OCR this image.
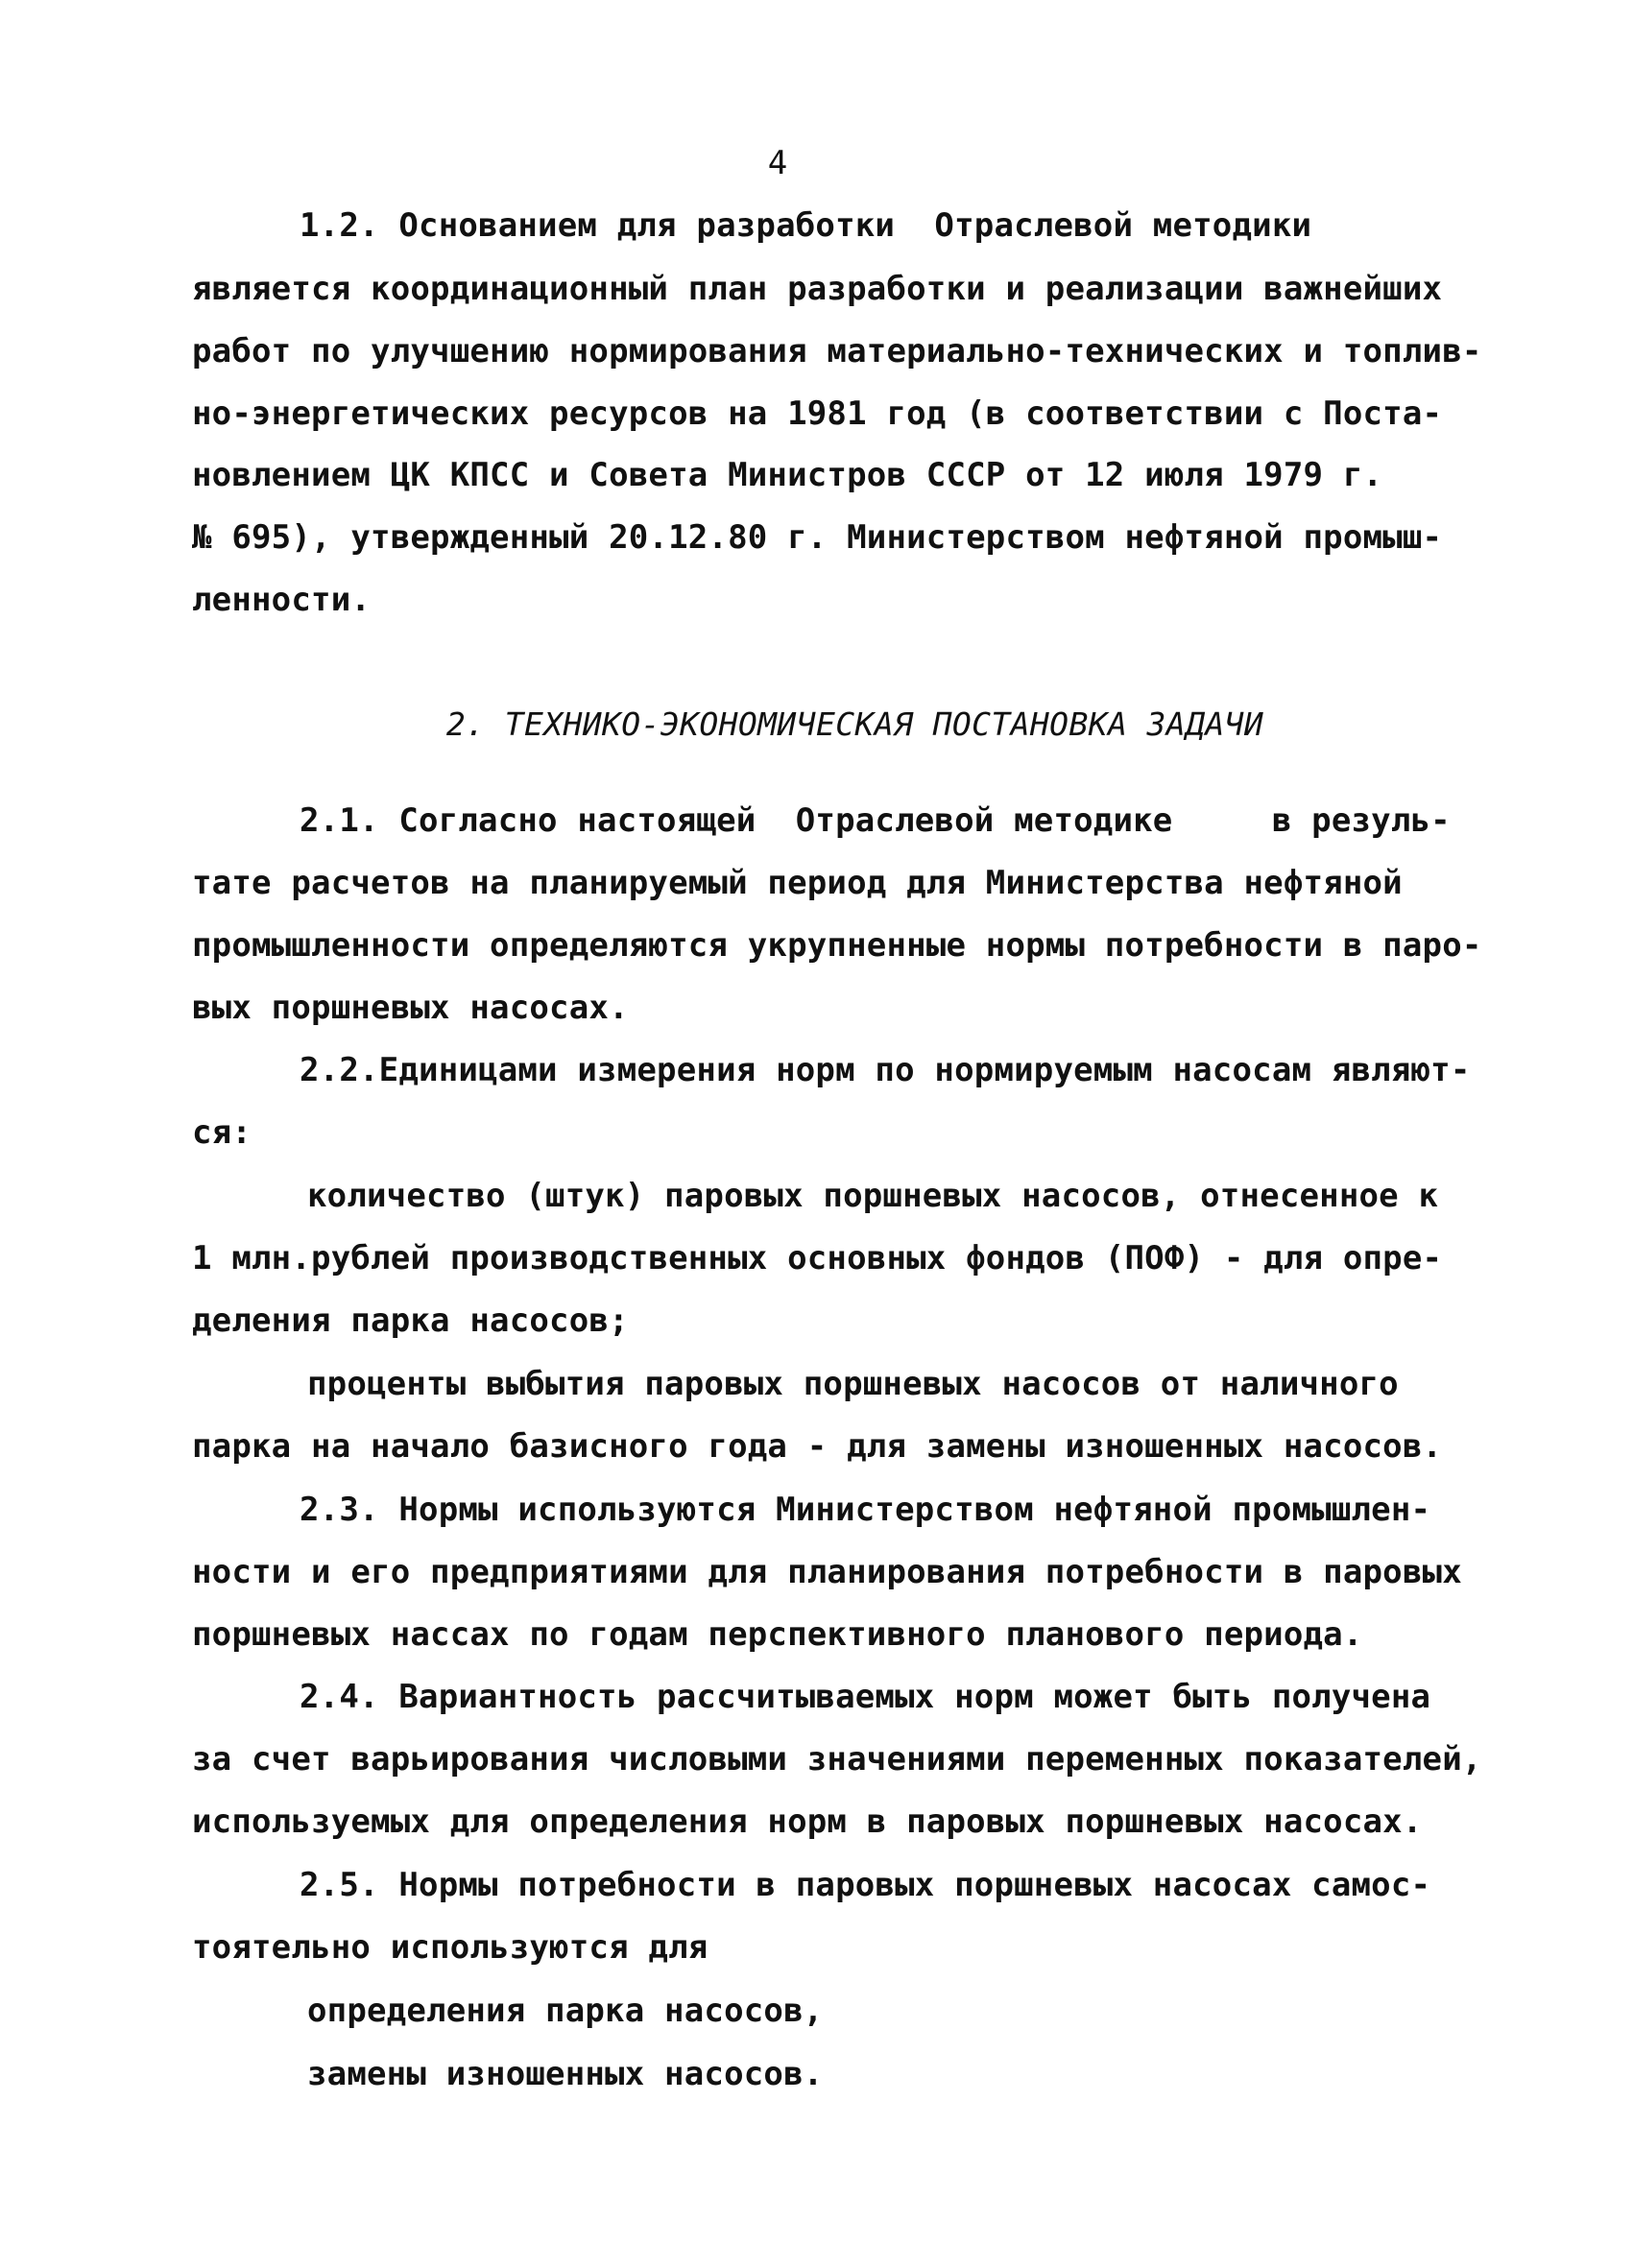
4
1.2. Основанием для разработки  Отраслевой методики
является координационный план разработки и реализации важнейших
работ по улучшению нормирования материально-технических и топлив-
но-энергетических ресурсов на 1981 год (в соответствии с Поста-
новлением ЦК КПСС и Совета Министров СССР от 12 июля 1979 г.
№ 695), утвержденный 20.12.80 г. Министерством нефтяной промыш-
ленности.
2. ТЕХНИКО-ЭКОНОМИЧЕСКАЯ ПОСТАНОВКА ЗАДАЧИ
2.1. Согласно настоящей  Отраслевой методике     в резуль-
тате расчетов на планируемый период для Министерства нефтяной
промышленности определяются укрупненные нормы потребности в паро-
вых поршневых насосах.
2.2.Единицами измерения норм по нормируемым насосам являют-
ся:
количество (штук) паровых поршневых насосов, отнесенное к
1 млн.рублей производственных основных фондов (ПОФ) - для опре-
деления парка насосов;
проценты выбытия паровых поршневых насосов от наличного
парка на начало базисного года - для замены изношенных насосов.
2.3. Нормы используются Министерством нефтяной промышлен-
ности и его предприятиями для планирования потребности в паровых
поршневых наcсах по годам перспективного планового периода.
2.4. Вариантность рассчитываемых норм может быть получена
за счет варьирования числовыми значениями переменных показателей,
используемых для определения норм в паровых поршневых насосах.
2.5. Нормы потребности в паровых поршневых насосах самос-
тоятельно используются для
определения парка насосов,
замены изношенных насосов.
